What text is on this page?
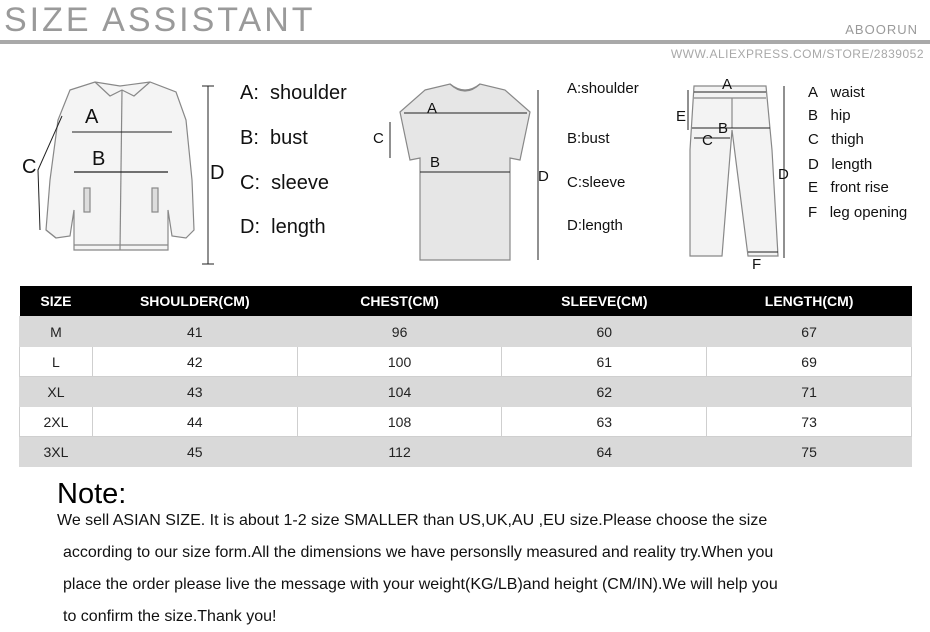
SIZE ASSISTANT	ABOORUN
WWW.ALIEXPRESS.COM/STORE/2839052
A
B
C	D
A: shoulder
B: bust
C: sleeve
D: length
A
B
C
D
A:shoulder
B:bust
C:sleeve
D:length
A
B
C
D
E
F
A waist
B hip
C thigh
D length
E front rise
F leg opening
SIZE	SHOULDER(CM)	CHEST(CM)	SLEEVE(CM)	LENGTH(CM)
M	41	96	60	67
L	42	100	61	69
XL	43	104	62	71
2XL	44	108	63	73
3XL	45	112	64	75
Note:
We sell ASIAN SIZE. It is about 1-2 size SMALLER than US,UK,AU ,EU size.Please choose the size
according to our size form.All the dimensions we have personslly measured and reality try.When you
place the order please live the message with your weight(KG/LB)and height (CM/IN).We will help you
to confirm the size.Thank you!
